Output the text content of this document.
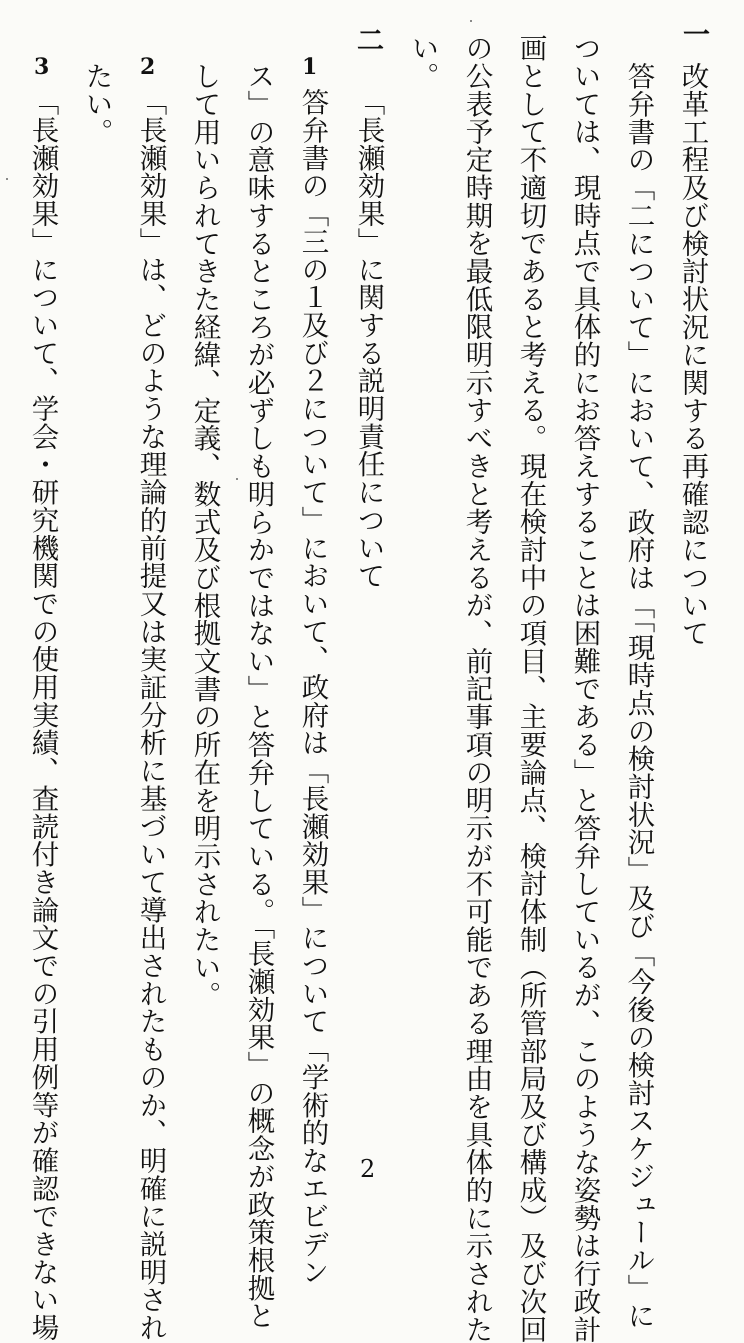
一
改革工程及び検討状況に関する再確認について
答弁書の「二について」において、政府は「「現時点の検討状況」及び「今後の検討スケジュール」に
ついては、現時点で具体的にお答えすることは困難である」と答弁しているが、このような姿勢は行政計
画として不適切であると考える。現在検討中の項目、主要論点、検討体制（所管部局及び構成）及び次回
の公表予定時期を最低限明示すべきと考えるが、前記事項の明示が不可能である理由を具体的に示された
い。
二
「長瀬効果」に関する説明責任について
1
答弁書の「三の１及び２について」において、政府は「長瀬効果」について「学術的なエビデン
ス」の意味するところが必ずしも明らかではない」と答弁している。「長瀬効果」の概念が政策根拠と
して用いられてきた経緯、定義、数式及び根拠文書の所在を明示されたい。
2
「長瀬効果」は、どのような理論的前提又は実証分析に基づいて導出されたものか、明確に説明され
たい。
3
「長瀬効果」について、学会・研究機関での使用実績、査読付き論文での引用例等が確認できない場	2
